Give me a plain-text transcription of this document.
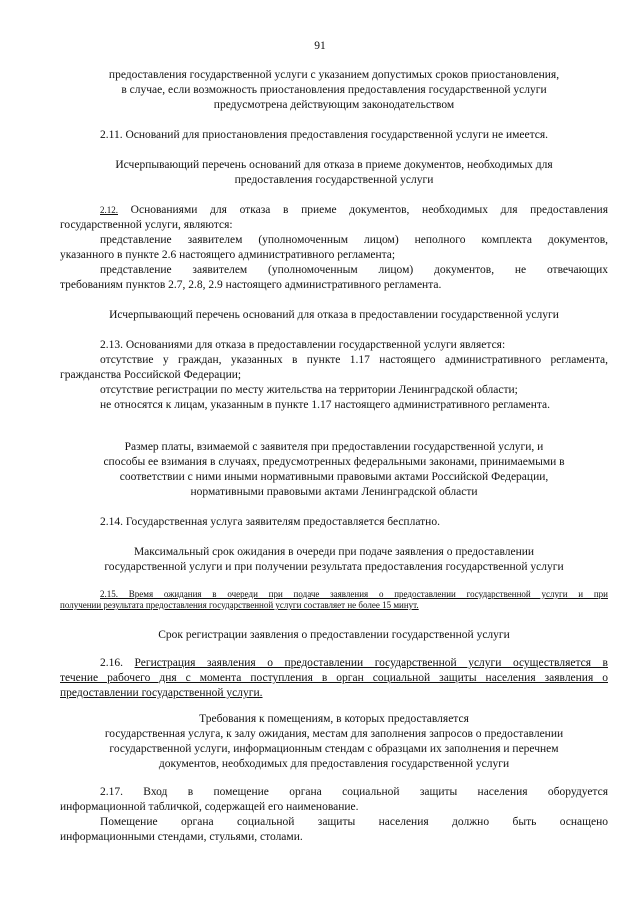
91
предоставления государственной услуги с указанием допустимых сроков приостановления,
в случае, если возможность приостановления предоставления государственной услуги
предусмотрена действующим законодательством
2.11. Оснований для приостановления предоставления государственной услуги не имеется.
Исчерпывающий перечень оснований для отказа в приеме документов, необходимых для
предоставления государственной услуги
2.12. Основаниями для отказа в приеме документов, необходимых для предоставления
государственной услуги, являются:
представление заявителем (уполномоченным лицом) неполного комплекта документов,
указанного в пункте 2.6 настоящего административного регламента;
представление заявителем (уполномоченным лицом) документов, не отвечающих
требованиям пунктов 2.7, 2.8, 2.9 настоящего административного регламента.
Исчерпывающий перечень оснований для отказа в предоставлении государственной услуги
2.13. Основаниями для отказа в предоставлении государственной услуги является:
отсутствие у граждан, указанных в пункте 1.17 настоящего административного регламента,
гражданства Российской Федерации;
отсутствие регистрации по месту жительства на территории Ленинградской области;
не относятся к лицам, указанным в пункте 1.17 настоящего административного регламента.
Размер платы, взимаемой с заявителя при предоставлении государственной услуги, и
способы ее взимания в случаях, предусмотренных федеральными законами, принимаемыми в
соответствии с ними иными нормативными правовыми актами Российской Федерации,
нормативными правовыми актами Ленинградской области
2.14. Государственная услуга заявителям предоставляется бесплатно.
Максимальный срок ожидания в очереди при подаче заявления о предоставлении
государственной услуги и при получении результата предоставления государственной услуги
2.15. Время ожидания в очереди при подаче заявления о предоставлении государственной услуги и при
получении результата предоставления государственной услуги составляет не более 15 минут.
Срок регистрации заявления о предоставлении государственной услуги
2.16. Регистрация заявления о предоставлении государственной услуги осуществляется в
течение рабочего дня с момента поступления в орган социальной защиты населения заявления о
предоставлении государственной услуги.
Требования к помещениям, в которых предоставляется
государственная услуга, к залу ожидания, местам для заполнения запросов о предоставлении
государственной услуги, информационным стендам с образцами их заполнения и перечнем
документов, необходимых для предоставления государственной услуги
2.17. Вход в помещение органа социальной защиты населения оборудуется
информационной табличкой, содержащей его наименование.
Помещение органа социальной защиты населения должно быть оснащено
информационными стендами, стульями, столами.
